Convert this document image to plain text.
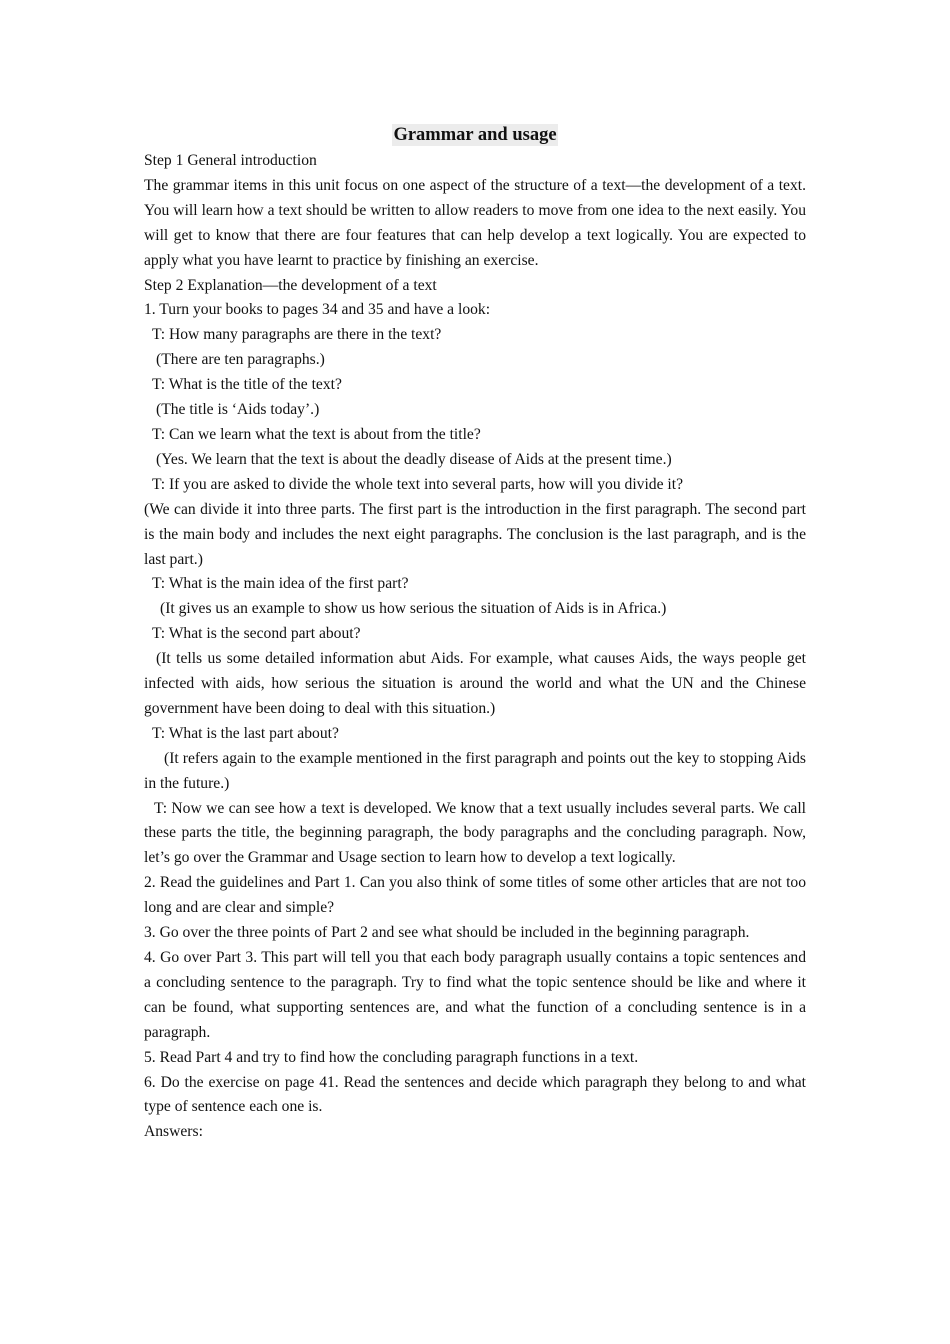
Grammar and usage

Step 1 General introduction

The grammar items in this unit focus on one aspect of the structure of a text—the development of a text. You will learn how a text should be written to allow readers to move from one idea to the next easily. You will get to know that there are four features that can help develop a text logically. You are expected to apply what you have learnt to practice by finishing an exercise.

Step 2 Explanation—the development of a text

1. Turn your books to pages 34 and 35 and have a look:

T: How many paragraphs are there in the text?

(There are ten paragraphs.)

T: What is the title of the text?

(The title is ‘Aids today’.)

T: Can we learn what the text is about from the title?

(Yes. We learn that the text is about the deadly disease of Aids at the present time.)

T: If you are asked to divide the whole text into several parts, how will you divide it?

(We can divide it into three parts. The first part is the introduction in the first paragraph. The second part is the main body and includes the next eight paragraphs. The conclusion is the last paragraph, and is the last part.)

T: What is the main idea of the first part?

(It gives us an example to show us how serious the situation of Aids is in Africa.)

T: What is the second part about?

(It tells us some detailed information abut Aids. For example, what causes Aids, the ways people get infected with aids, how serious the situation is around the world and what the UN and the Chinese government have been doing to deal with this situation.)

T: What is the last part about?

(It refers again to the example mentioned in the first paragraph and points out the key to stopping Aids in the future.)

T: Now we can see how a text is developed. We know that a text usually includes several parts. We call these parts the title, the beginning paragraph, the body paragraphs and the concluding paragraph. Now, let’s go over the Grammar and Usage section to learn how to develop a text logically.

2. Read the guidelines and Part 1. Can you also think of some titles of some other articles that are not too long and are clear and simple?

3. Go over the three points of Part 2 and see what should be included in the beginning paragraph.

4. Go over Part 3. This part will tell you that each body paragraph usually contains a topic sentences and a concluding sentence to the paragraph. Try to find what the topic sentence should be like and where it can be found, what supporting sentences are, and what the function of a concluding sentence is in a paragraph.

5. Read Part 4 and try to find how the concluding paragraph functions in a text.

6. Do the exercise on page 41. Read the sentences and decide which paragraph they belong to and what type of sentence each one is.

Answers:
